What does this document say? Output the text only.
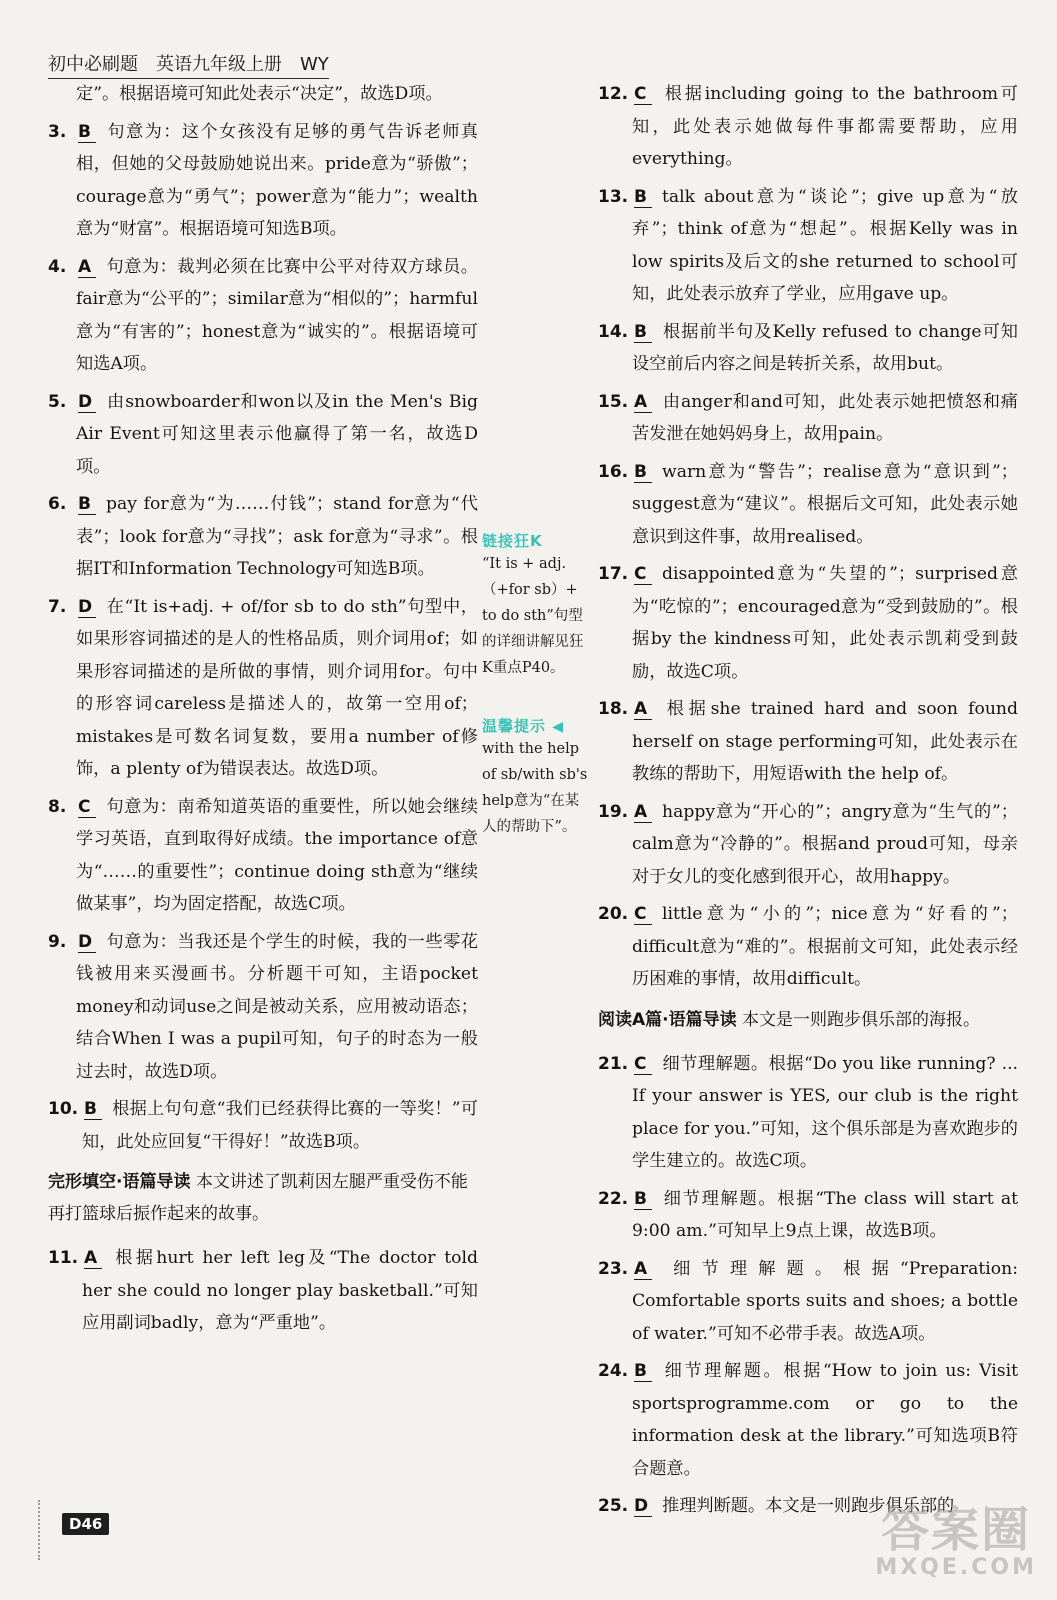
初中必刷题　英语九年级上册　WY
定”。根据语境可知此处表示“决定”，故选D项。
3. B 句意为：这个女孩没有足够的勇气告诉老师真相，但她的父母鼓励她说出来。pride意为“骄傲”；courage意为“勇气”；power意为“能力”；wealth意为“财富”。根据语境可知选B项。
4. A 句意为：裁判必须在比赛中公平对待双方球员。fair意为“公平的”；similar意为“相似的”；harmful意为“有害的”；honest意为“诚实的”。根据语境可知选A项。
5. D 由snowboarder和won以及in the Men's Big Air Event可知这里表示他赢得了第一名，故选D项。
6. B pay for意为“为……付钱”；stand for意为“代表”；look for意为“寻找”；ask for意为“寻求”。根据IT和Information Technology可知选B项。
7. D 在“It is+adj. + of/for sb to do sth”句型中，如果形容词描述的是人的性格品质，则介词用of；如果形容词描述的是所做的事情，则介词用for。句中的形容词careless是描述人的，故第一空用of；mistakes是可数名词复数，要用a number of修饰，a plenty of为错误表达。故选D项。
8. C 句意为：南希知道英语的重要性，所以她会继续学习英语，直到取得好成绩。the importance of意为“……的重要性”；continue doing sth意为“继续做某事”，均为固定搭配，故选C项。
9. D 句意为：当我还是个学生的时候，我的一些零花钱被用来买漫画书。分析题干可知，主语pocket money和动词use之间是被动关系，应用被动语态；结合When I was a pupil可知，句子的时态为一般过去时，故选D项。
10. B 根据上句句意“我们已经获得比赛的一等奖！”可知，此处应回复“干得好！”故选B项。
完形填空·语篇导读 本文讲述了凯莉因左腿严重受伤不能再打篮球后振作起来的故事。
11. A 根据hurt her left leg及“The doctor told her she could no longer play basketball.”可知应用副词badly，意为“严重地”。
链接狂K
“It is + adj.（+for sb）+ to do sth”句型的详细讲解见狂K重点P40。
温馨提示 ◀
with the help of sb/with sb's help意为“在某人的帮助下”。
12. C 根据including going to the bathroom可知，此处表示她做每件事都需要帮助，应用everything。
13. B talk about意为“谈论”；give up意为“放弃”；think of意为“想起”。根据Kelly was in low spirits及后文的she returned to school可知，此处表示放弃了学业，应用gave up。
14. B 根据前半句及Kelly refused to change可知设空前后内容之间是转折关系，故用but。
15. A 由anger和and可知，此处表示她把愤怒和痛苦发泄在她妈妈身上，故用pain。
16. B warn意为“警告”；realise意为“意识到”；suggest意为“建议”。根据后文可知，此处表示她意识到这件事，故用realised。
17. C disappointed意为“失望的”；surprised意为“吃惊的”；encouraged意为“受到鼓励的”。根据by the kindness可知，此处表示凯莉受到鼓励，故选C项。
18. A 根据she trained hard and soon found herself on stage performing可知，此处表示在教练的帮助下，用短语with the help of。
19. A happy意为“开心的”；angry意为“生气的”；calm意为“冷静的”。根据and proud可知，母亲对于女儿的变化感到很开心，故用happy。
20. C little意为“小的”；nice意为“好看的”；difficult意为“难的”。根据前文可知，此处表示经历困难的事情，故用difficult。
阅读A篇·语篇导读 本文是一则跑步俱乐部的海报。
21. C 细节理解题。根据“Do you like running? ... If your answer is YES, our club is the right place for you.”可知，这个俱乐部是为喜欢跑步的学生建立的。故选C项。
22. B 细节理解题。根据“The class will start at 9:00 am.”可知早上9点上课，故选B项。
23. A 细节理解题。根据“Preparation: Comfortable sports suits and shoes; a bottle of water.”可知不必带手表。故选A项。
24. B 细节理解题。根据“How to join us: Visit sportsprogramme.com or go to the information desk at the library.”可知选项B符合题意。
25. D 推理判断题。本文是一则跑步俱乐部的
D46	答案圈
MXQE.COM
